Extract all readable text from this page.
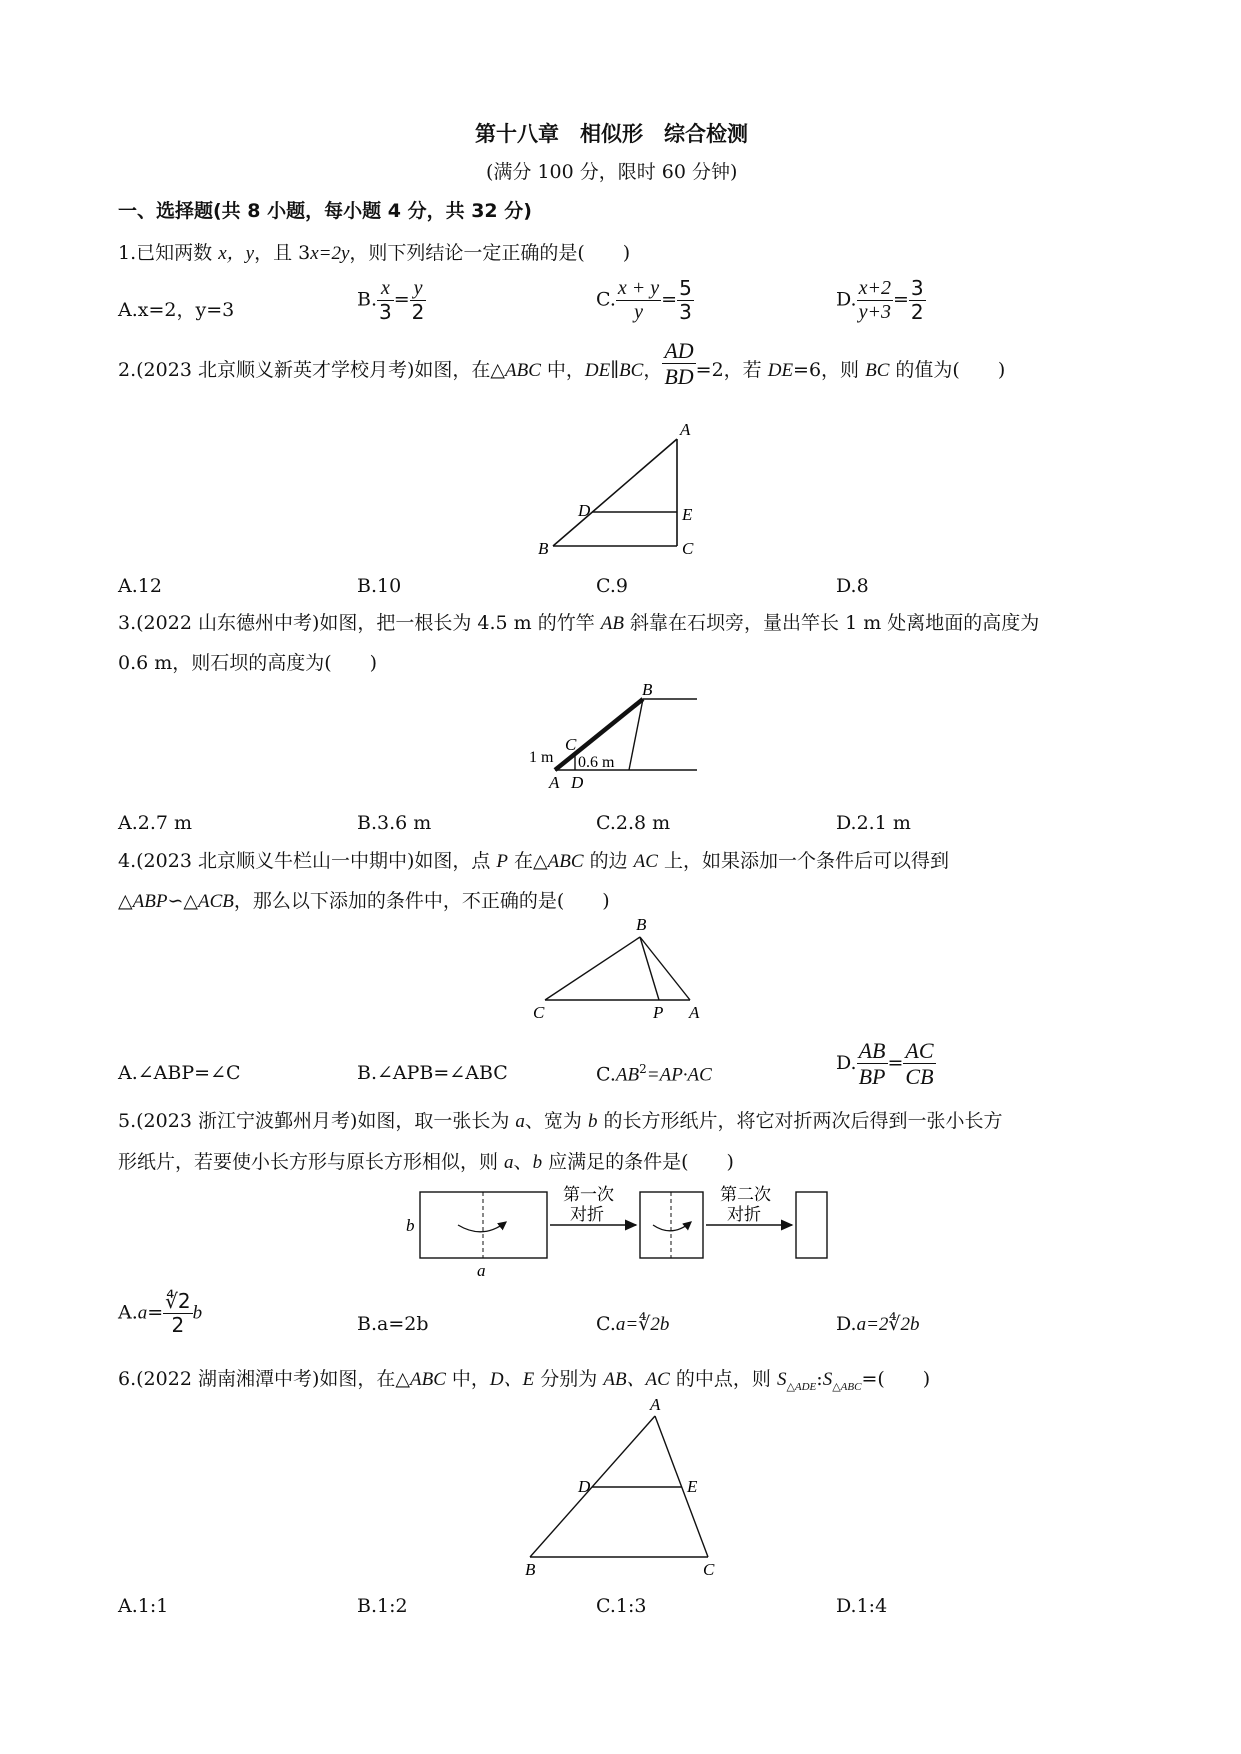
第十八章　相似形　综合检测
(满分 100 分，限时 60 分钟)
一、选择题(共 8 小题，每小题 4 分，共 32 分)
1.已知两数 x，y，且 3x=2y，则下列结论一定正确的是(　　)
A.x=2，y=3	B. $\frac{x}{3} = \frac{y}{2}$	C. $\frac{x + y}{y} = \frac{5}{3}$	D. $\frac{x+2}{y+3} = \frac{3}{2}$
2.(2023 北京顺义新英才学校月考)如图，在△ABC 中，DE∥BC， $\frac{AD}{BD} =2$，若 DE=6，则 BC 的值为(　　)
A
D	E
B	C
A.12	B.10	C.9	D.8
3.(2022 山东德州中考)如图，把一根长为 4.5 m 的竹竿 AB 斜靠在石坝旁，量出竿长 1 m 处离地面的高度为
0.6 m，则石坝的高度为(　　)
B
C
1 m 0.6 m
A D
A.2.7 m	B.3.6 m	C.2.8 m	D.2.1 m
4.(2023 北京顺义牛栏山一中期中)如图，点 P 在△ABC 的边 AC 上，如果添加一个条件后可以得到
△ABP∽△ACB，那么以下添加的条件中，不正确的是(　　)
B
C	P A
A.∠ABP=∠C	B.∠APB=∠ABC	$C.AB^2=AP\cdot AC$
D. $\frac{AB}{BP} = \frac{AC}{CB}$
5.(2023 浙江宁波鄞州月考)如图，取一张长为 a、宽为 b 的长方形纸片，将它对折两次后得到一张小长方
形纸片，若要使小长方形与原长方形相似，则 a、b 应满足的条件是(　　)
b
a
第一次
对折
第二次
对折
$A.a= \frac{∜2}{2}$ b	B.a=2b	C.a=∜2b	D.a=2∜2b
6.(2022 湖南湘潭中考)如图，在△ABC 中，D、E 分别为 AB、AC 的中点，则 $S_{\triangle ADE}:S_{\triangle ABC}=$(　　)
A
D	E
B	C
A.1:1	B.1:2	C.1:3	D.1:4
